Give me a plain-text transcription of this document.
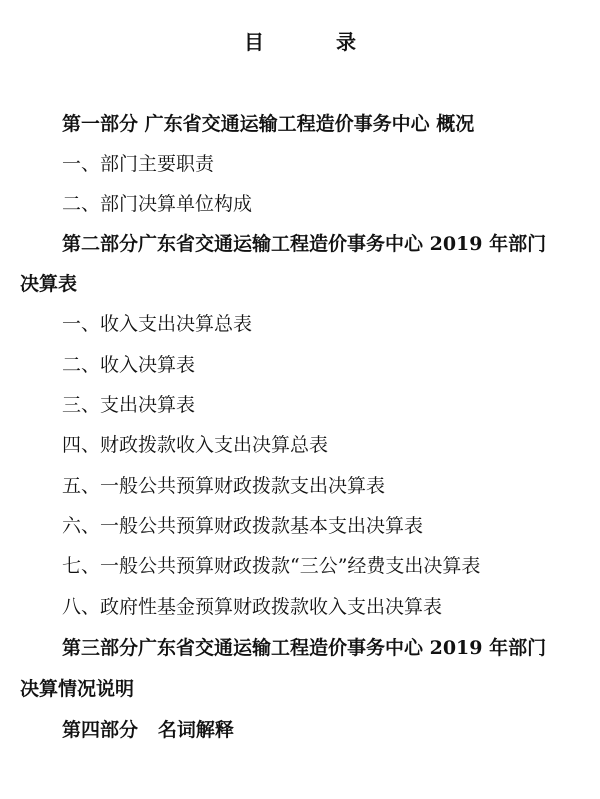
目	录
第一部分 广东省交通运输工程造价事务中心 概况
一、部门主要职责
二、部门决算单位构成
第二部分广东省交通运输工程造价事务中心 2019 年部门
决算表
一、收入支出决算总表
二、收入决算表
三、支出决算表
四、财政拨款收入支出决算总表
五、一般公共预算财政拨款支出决算表
六、一般公共预算财政拨款基本支出决算表
七、一般公共预算财政拨款“三公”经费支出决算表
八、政府性基金预算财政拨款收入支出决算表
第三部分广东省交通运输工程造价事务中心 2019 年部门
决算情况说明
第四部分   名词解释
